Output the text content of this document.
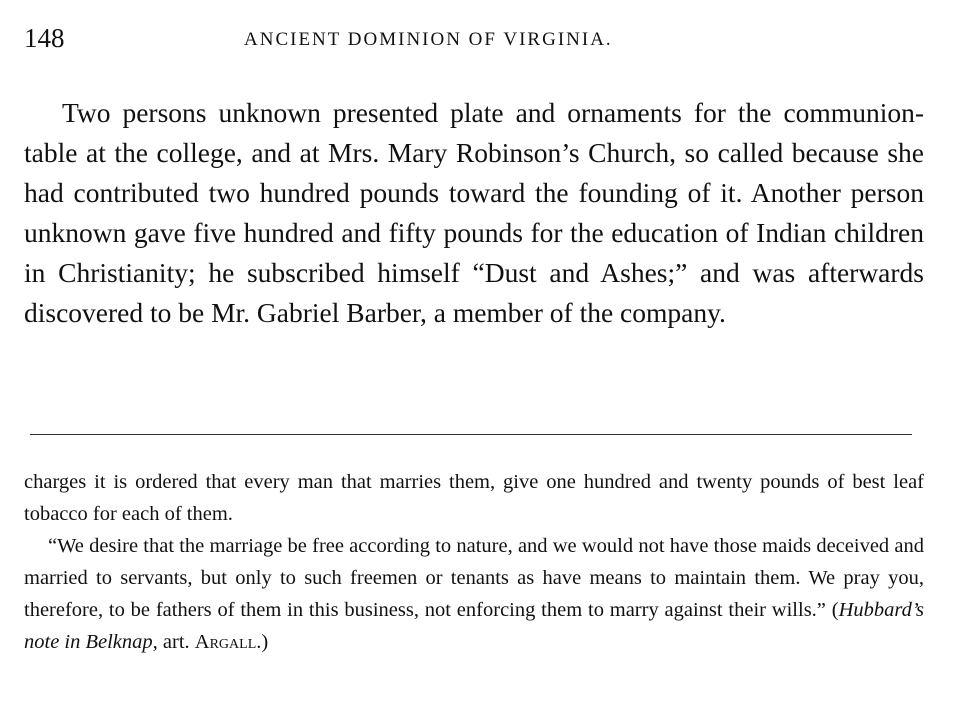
148	ANCIENT DOMINION OF VIRGINIA.

Two persons unknown presented plate and ornaments for the communion-table at the college, and at Mrs. Mary Robinson’s Church, so called because she had contributed two hundred pounds toward the founding of it. Another person unknown gave five hundred and fifty pounds for the education of Indian children in Christianity; he subscribed himself “Dust and Ashes;” and was afterwards discovered to be Mr. Gabriel Barber, a member of the company.

charges it is ordered that every man that marries them, give one hundred and twenty pounds of best leaf tobacco for each of them.

“We desire that the marriage be free according to nature, and we would not have those maids deceived and married to servants, but only to such freemen or tenants as have means to maintain them. We pray you, therefore, to be fathers of them in this business, not enforcing them to marry against their wills.” (Hubbard’s note in Belknap, art. Argall.)
